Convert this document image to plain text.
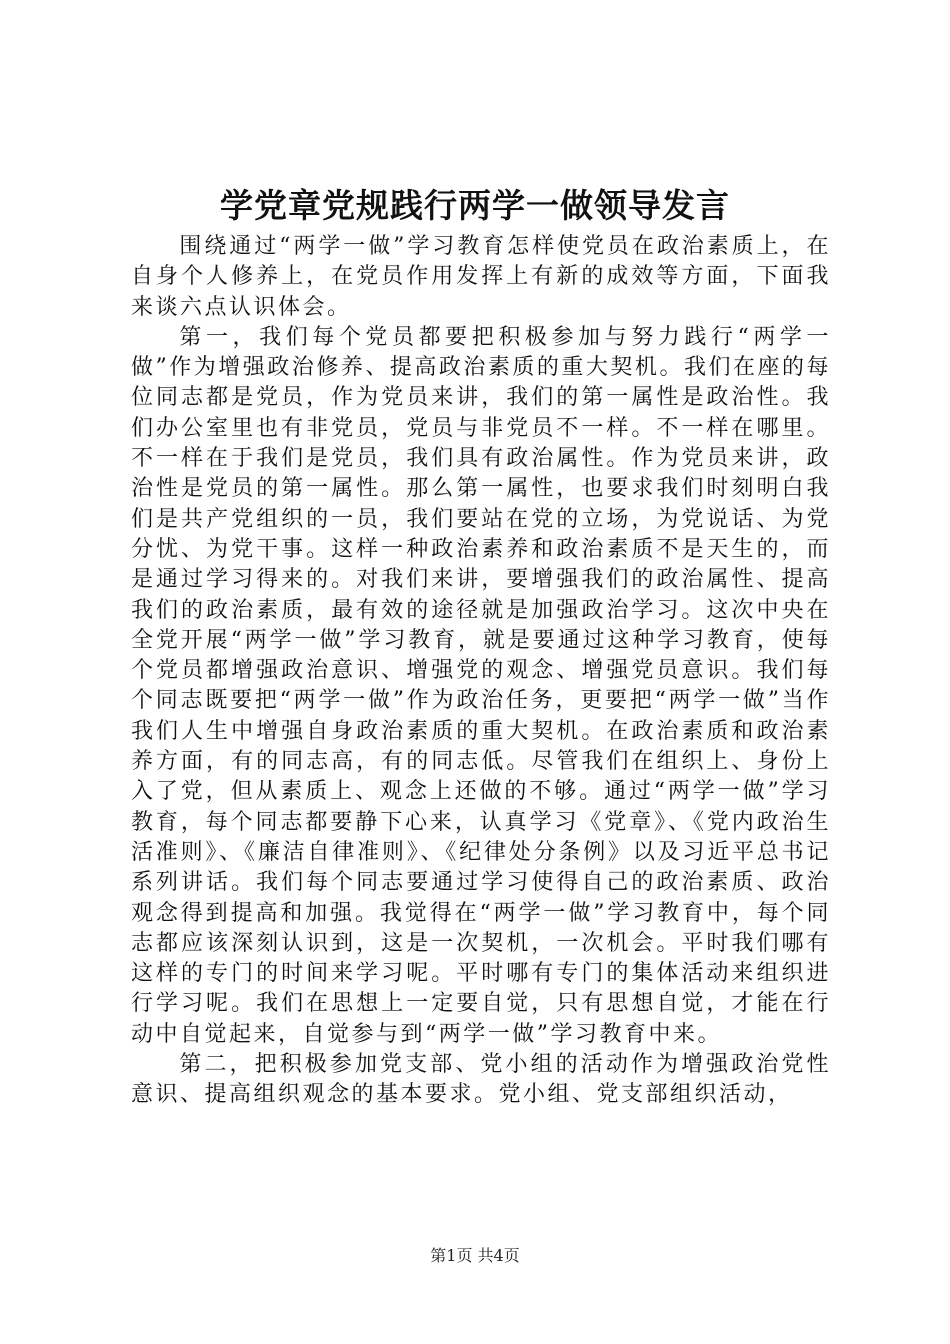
学党章党规践行两学一做领导发言

围绕通过“两学一做”学习教育怎样使党员在政治素质上，在自身个人修养上，在党员作用发挥上有新的成效等方面，下面我来谈六点认识体会。

第一，我们每个党员都要把积极参加与努力践行“两学一做”作为增强政治修养、提高政治素质的重大契机。我们在座的每位同志都是党员，作为党员来讲，我们的第一属性是政治性。我们办公室里也有非党员，党员与非党员不一样。不一样在哪里。不一样在于我们是党员，我们具有政治属性。作为党员来讲，政治性是党员的第一属性。那么第一属性，也要求我们时刻明白我们是共产党组织的一员，我们要站在党的立场，为党说话、为党分忧、为党干事。这样一种政治素养和政治素质不是天生的，而是通过学习得来的。对我们来讲，要增强我们的政治属性、提高我们的政治素质，最有效的途径就是加强政治学习。这次中央在全党开展“两学一做”学习教育，就是要通过这种学习教育，使每个党员都增强政治意识、增强党的观念、增强党员意识。我们每个同志既要把“两学一做”作为政治任务，更要把“两学一做”当作我们人生中增强自身政治素质的重大契机。在政治素质和政治素养方面，有的同志高，有的同志低。尽管我们在组织上、身份上入了党，但从素质上、观念上还做的不够。通过“两学一做”学习教育，每个同志都要静下心来，认真学习《党章》、《党内政治生活准则》、《廉洁自律准则》、《纪律处分条例》以及习近平总书记系列讲话。我们每个同志要通过学习使得自己的政治素质、政治观念得到提高和加强。我觉得在“两学一做”学习教育中，每个同志都应该深刻认识到，这是一次契机，一次机会。平时我们哪有这样的专门的时间来学习呢。平时哪有专门的集体活动来组织进行学习呢。我们在思想上一定要自觉，只有思想自觉，才能在行动中自觉起来，自觉参与到“两学一做”学习教育中来。

第二，把积极参加党支部、党小组的活动作为增强政治党性意识、提高组织观念的基本要求。党小组、党支部组织活动，

第1页 共4页
